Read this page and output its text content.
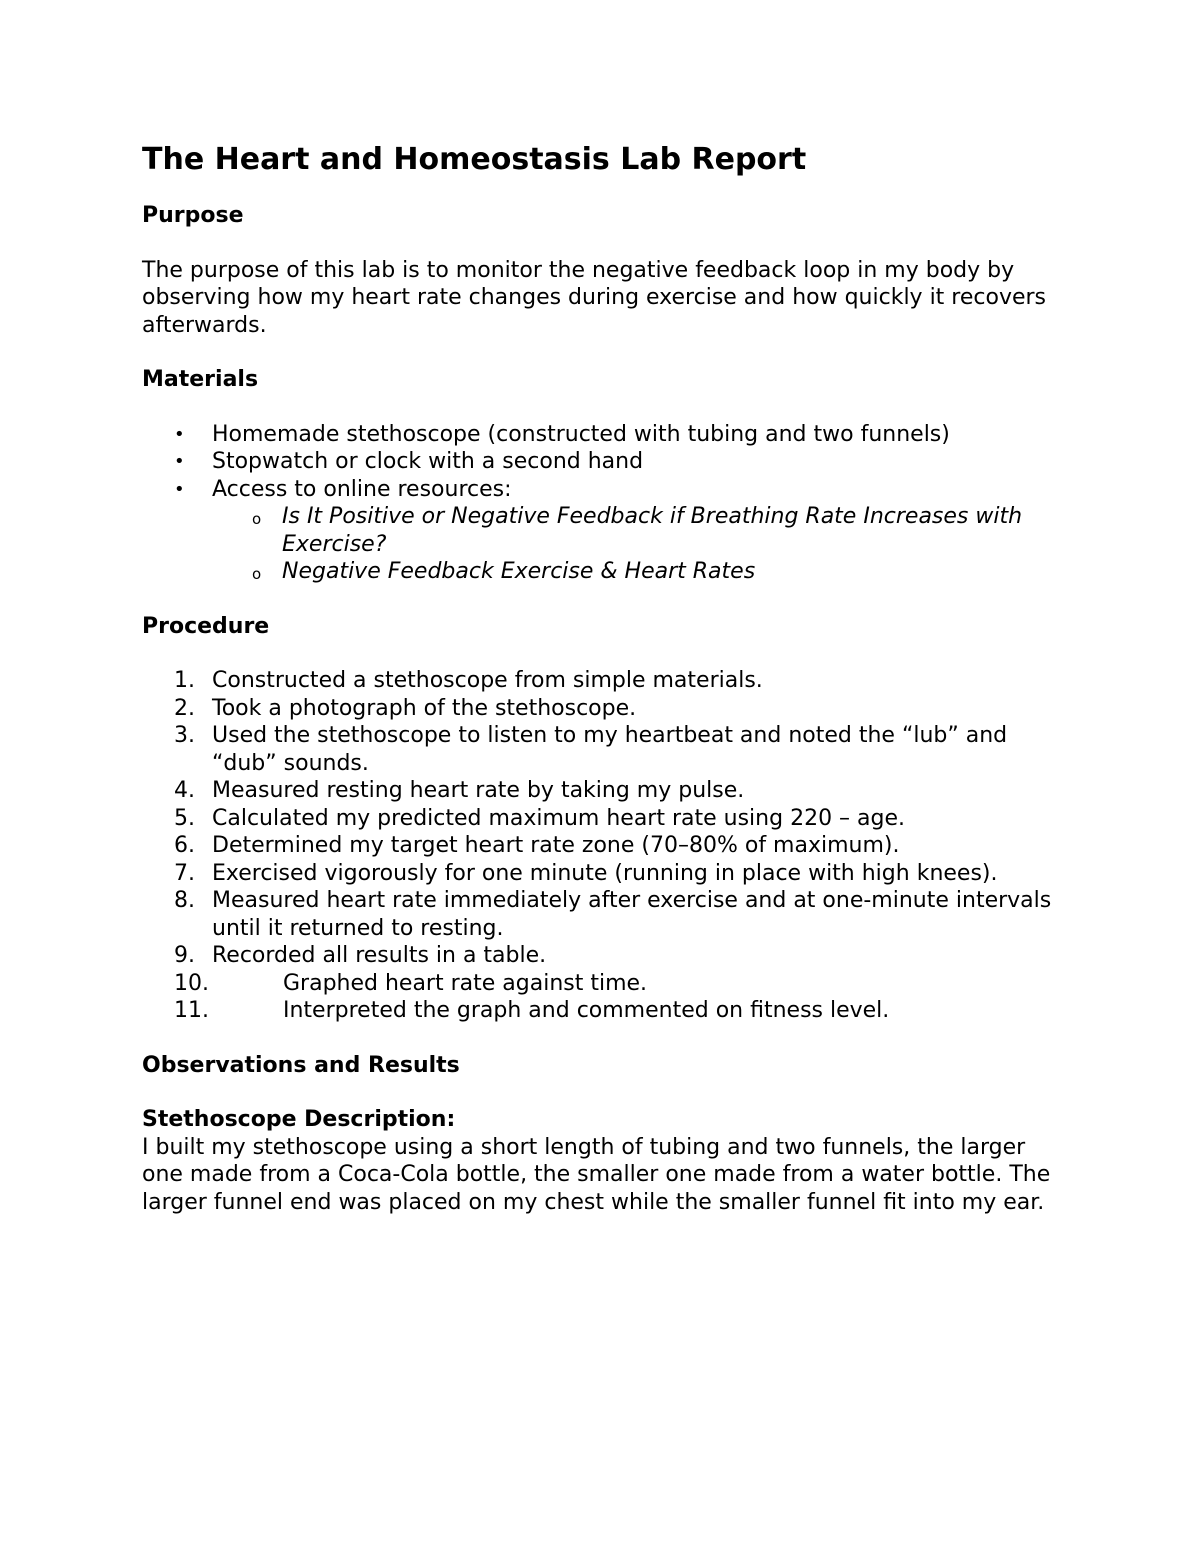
The Heart and Homeostasis Lab Report
Purpose

The purpose of this lab is to monitor the negative feedback loop in my body by observing how my heart rate changes during exercise and how quickly it recovers afterwards.

Materials
• Homemade stethoscope (constructed with tubing and two funnels)
• Stopwatch or clock with a second hand
• Access to online resources:
o Is It Positive or Negative Feedback if Breathing Rate Increases with Exercise?
o Negative Feedback Exercise & Heart Rates
Procedure
1. Constructed a stethoscope from simple materials.
2. Took a photograph of the stethoscope.
3. Used the stethoscope to listen to my heartbeat and noted the “lub” and “dub” sounds.
4. Measured resting heart rate by taking my pulse.
5. Calculated my predicted maximum heart rate using 220 – age.
6. Determined my target heart rate zone (70–80% of maximum).
7. Exercised vigorously for one minute (running in place with high knees).
8. Measured heart rate immediately after exercise and at one-minute intervals until it returned to resting.
9. Recorded all results in a table.
10.	Graphed heart rate against time.
11.	Interpreted the graph and commented on fitness level.
Observations and Results
Stethoscope Description:

I built my stethoscope using a short length of tubing and two funnels, the larger one made from a Coca-Cola bottle, the smaller one made from a water bottle. The larger funnel end was placed on my chest while the smaller funnel fit into my ear.
